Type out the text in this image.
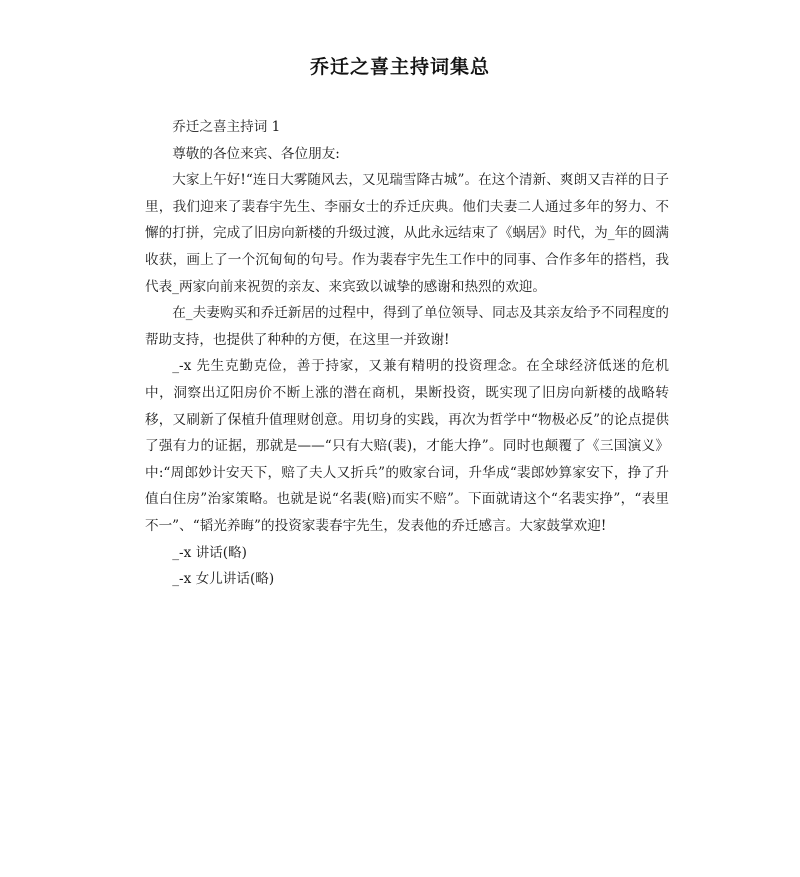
乔迁之喜主持词集总

乔迁之喜主持词 1

尊敬的各位来宾、各位朋友:

大家上午好!“连日大雾随风去，又见瑞雪降古城”。在这个清新、爽朗又吉祥的日子里，我们迎来了裴春宇先生、李丽女士的乔迁庆典。他们夫妻二人通过多年的努力、不懈的打拼，完成了旧房向新楼的升级过渡，从此永远结束了《蜗居》时代，为_年的圆满收获，画上了一个沉甸甸的句号。作为裴春宇先生工作中的同事、合作多年的搭档，我代表_两家向前来祝贺的亲友、来宾致以诚挚的感谢和热烈的欢迎。

在_夫妻购买和乔迁新居的过程中，得到了单位领导、同志及其亲友给予不同程度的帮助支持，也提供了种种的方便，在这里一并致谢!

_-x 先生克勤克俭，善于持家，又兼有精明的投资理念。在全球经济低迷的危机中，洞察出辽阳房价不断上涨的潜在商机，果断投资，既实现了旧房向新楼的战略转移，又刷新了保植升值理财创意。用切身的实践，再次为哲学中“物极必反”的论点提供了强有力的证据，那就是——“只有大赔(裴)，才能大挣”。同时也颠覆了《三国演义》中:“周郎妙计安天下，赔了夫人又折兵”的败家台词，升华成“裴郎妙算家安下，挣了升值白住房”治家策略。也就是说“名裴(赔)而实不赔”。下面就请这个“名裴实挣”，“表里不一”、“韬光养晦”的投资家裴春宇先生，发表他的乔迁感言。大家鼓掌欢迎!

_-x 讲话(略)

_-x 女儿讲话(略)
